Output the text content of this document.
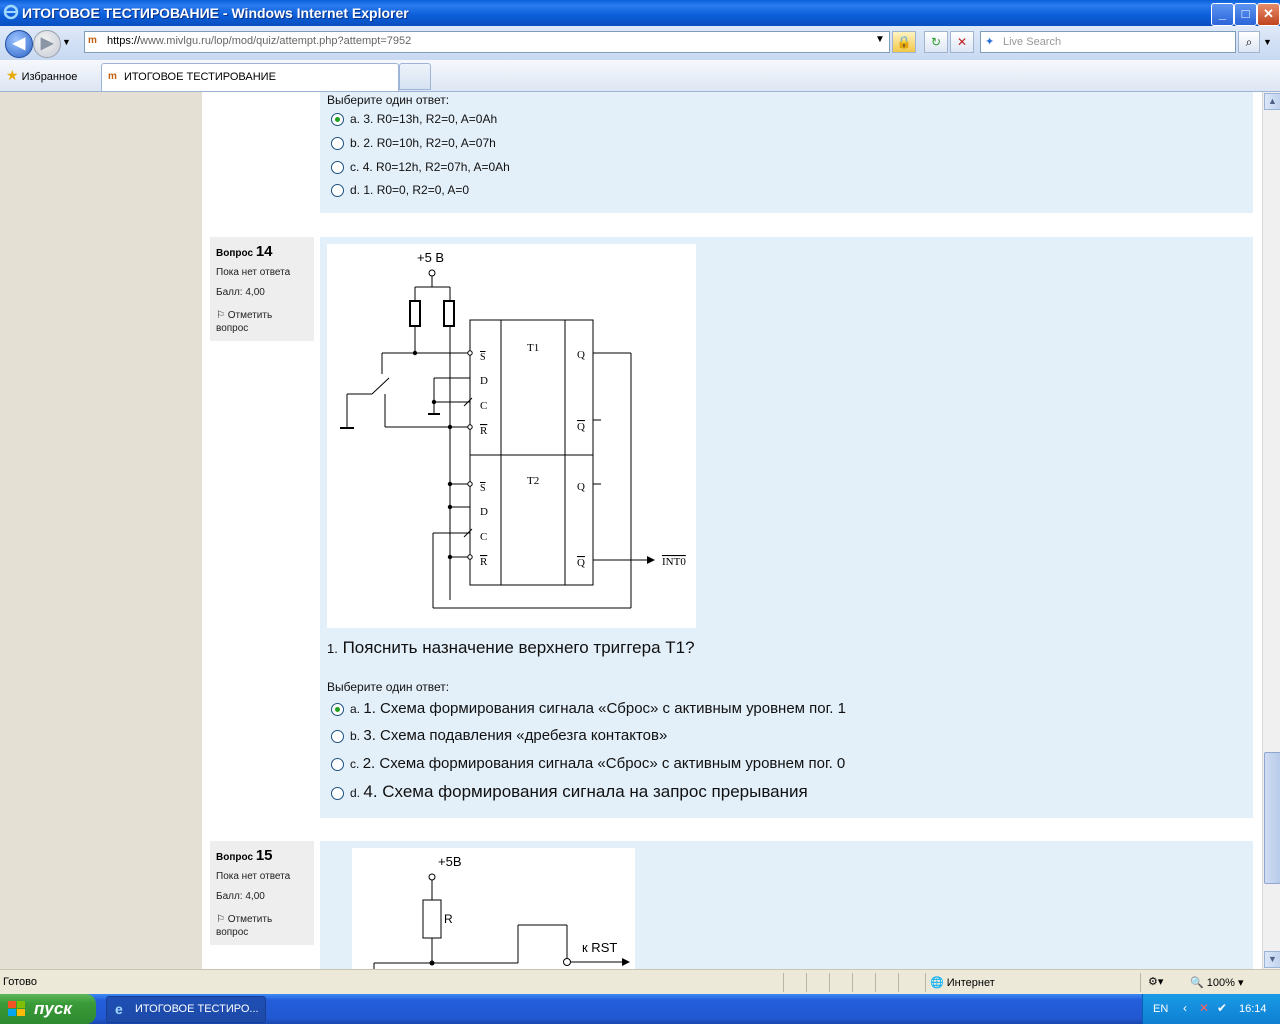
ИТОГОВОЕ ТЕСТИРОВАНИЕ - Windows Internet Explorer	_	□	✕
◀ ▶ ▼ m https://www.mivlgu.ru/lop/mod/quiz/attempt.php?attempt=7952	▼ 🔒	↻	✕	✦ Live Search	⌕	▼
★ Избранное	m ИТОГОВОЕ ТЕСТИРОВАНИЕ
Выберите один ответ:
a. 3. R0=13h, R2=0, A=0Ah
b. 2. R0=10h, R2=0, A=07h
c. 4. R0=12h, R2=07h, A=0Ah
d. 1. R0=0, R2=0, A=0
Вопрос 14
Пока нет ответа
Балл: 4,00
⚐ Отметить вопрос
+5 В
T1
T2
S
D
C
R
Q
Q
S
D
C
R
Q
Q	INT0
1. Пояснить назначение верхнего триггера Т1?
Выберите один ответ:
a. 1. Схема формирования сигнала «Сброс» с активным уровнем пог. 1
b. 3. Схема подавления «дребезга контактов»
c. 2. Схема формирования сигнала «Сброс» с активным уровнем пог. 0
d. 4. Схема формирования сигнала на запрос прерывания
Вопрос 15
Пока нет ответа
Балл: 4,00
⚐ Отметить вопрос
+5В
R
к RST
▲
▼
Готово	🌐 Интернет	⚙▾ 🔍 100% ▾
пуск	e ИТОГОВОЕ ТЕСТИРО...	EN ‹ ✕ ✔ 16:14
